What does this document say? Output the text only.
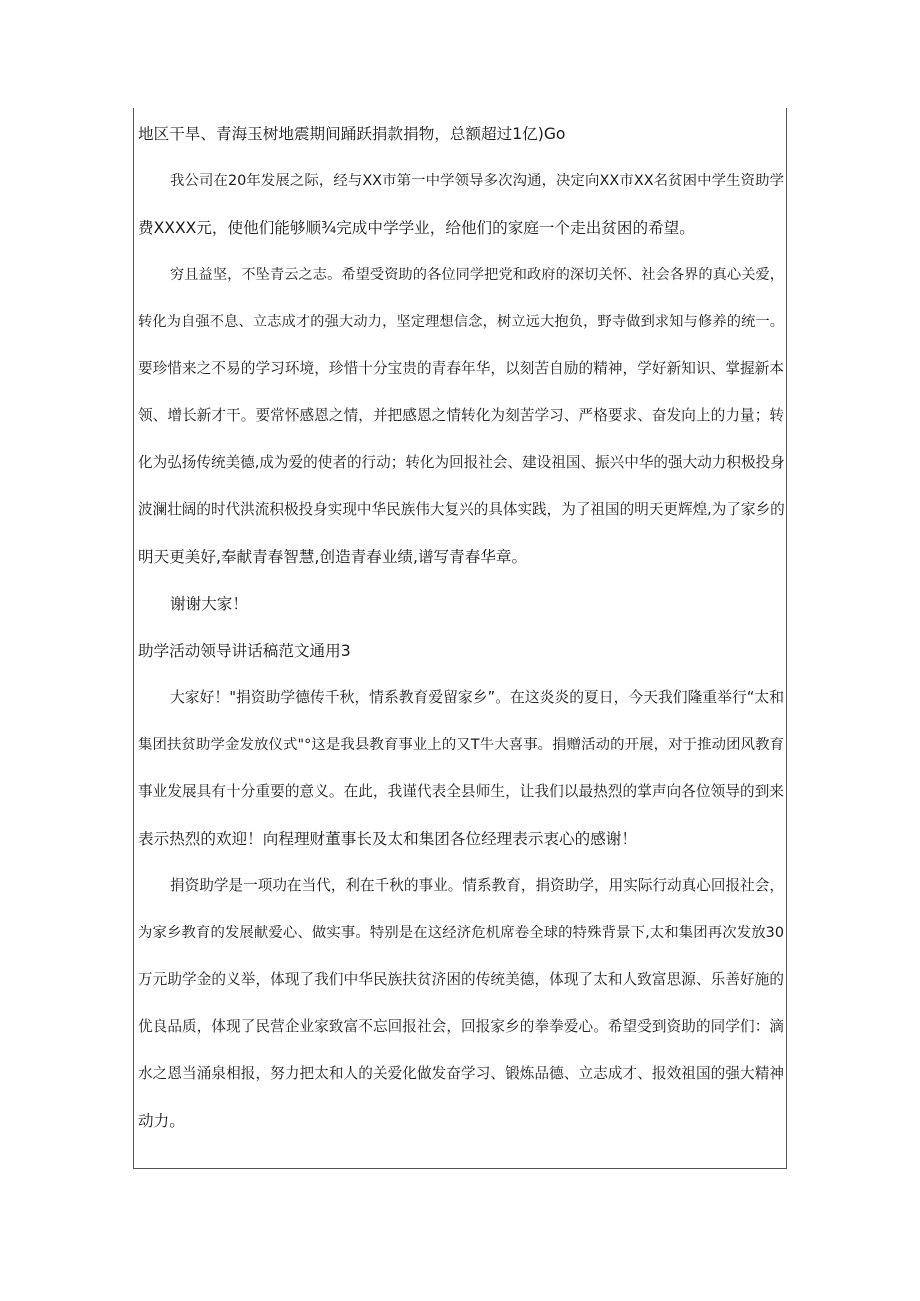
地区干旱、青海玉树地震期间踊跃捐款捐物，总额超过1亿)Go
我公司在20年发展之际，经与XX市第一中学领导多次沟通，决定向XX市XX名贫困中学生资助学
费XXXX元，使他们能够顺¾完成中学学业，给他们的家庭一个走出贫困的希望。
穷且益坚，不坠青云之志。希望受资助的各位同学把党和政府的深切关怀、社会各界的真心关爱，
转化为自强不息、立志成才的强大动力，坚定理想信念，树立远大抱负，野寺做到求知与修养的统一。
要珍惜来之不易的学习环境，珍惜十分宝贵的青春年华，以刻苦自励的精神，学好新知识、掌握新本
领、增长新才干。要常怀感恩之情，并把感恩之情转化为刻苦学习、严格要求、奋发向上的力量；转
化为弘扬传统美德,成为爱的使者的行动；转化为回报社会、建设祖国、振兴中华的强大动力积极投身
波澜壮阔的时代洪流积极投身实现中华民族伟大复兴的具体实践，为了祖国的明天更辉煌,为了家乡的
明天更美好,奉献青春智慧,创造青春业绩,谱写青春华章。
谢谢大家！
助学活动领导讲话稿范文通用3
大家好！"捐资助学德传千秋，情系教育爱留家乡”。在这炎炎的夏日，今天我们隆重举行“太和
集团扶贫助学金发放仪式"°这是我县教育事业上的又T牛大喜事。捐赠活动的开展，对于推动团风教育
事业发展具有十分重要的意义。在此，我谨代表全县师生，让我们以最热烈的掌声向各位领导的到来
表示热烈的欢迎！向程理财董事长及太和集团各位经理表示衷心的感谢！
捐资助学是一项功在当代，利在千秋的事业。情系教育，捐资助学，用实际行动真心回报社会，
为家乡教育的发展献爱心、做实事。特别是在这经济危机席卷全球的特殊背景下,太和集团再次发放30
万元助学金的义举，体现了我们中华民族扶贫济困的传统美德，体现了太和人致富思源、乐善好施的
优良品质，体现了民营企业家致富不忘回报社会，回报家乡的拳拳爱心。希望受到资助的同学们：滴
水之恩当涌泉相报，努力把太和人的关爱化做发奋学习、锻炼品德、立志成才、报效祖国的强大精神
动力。
